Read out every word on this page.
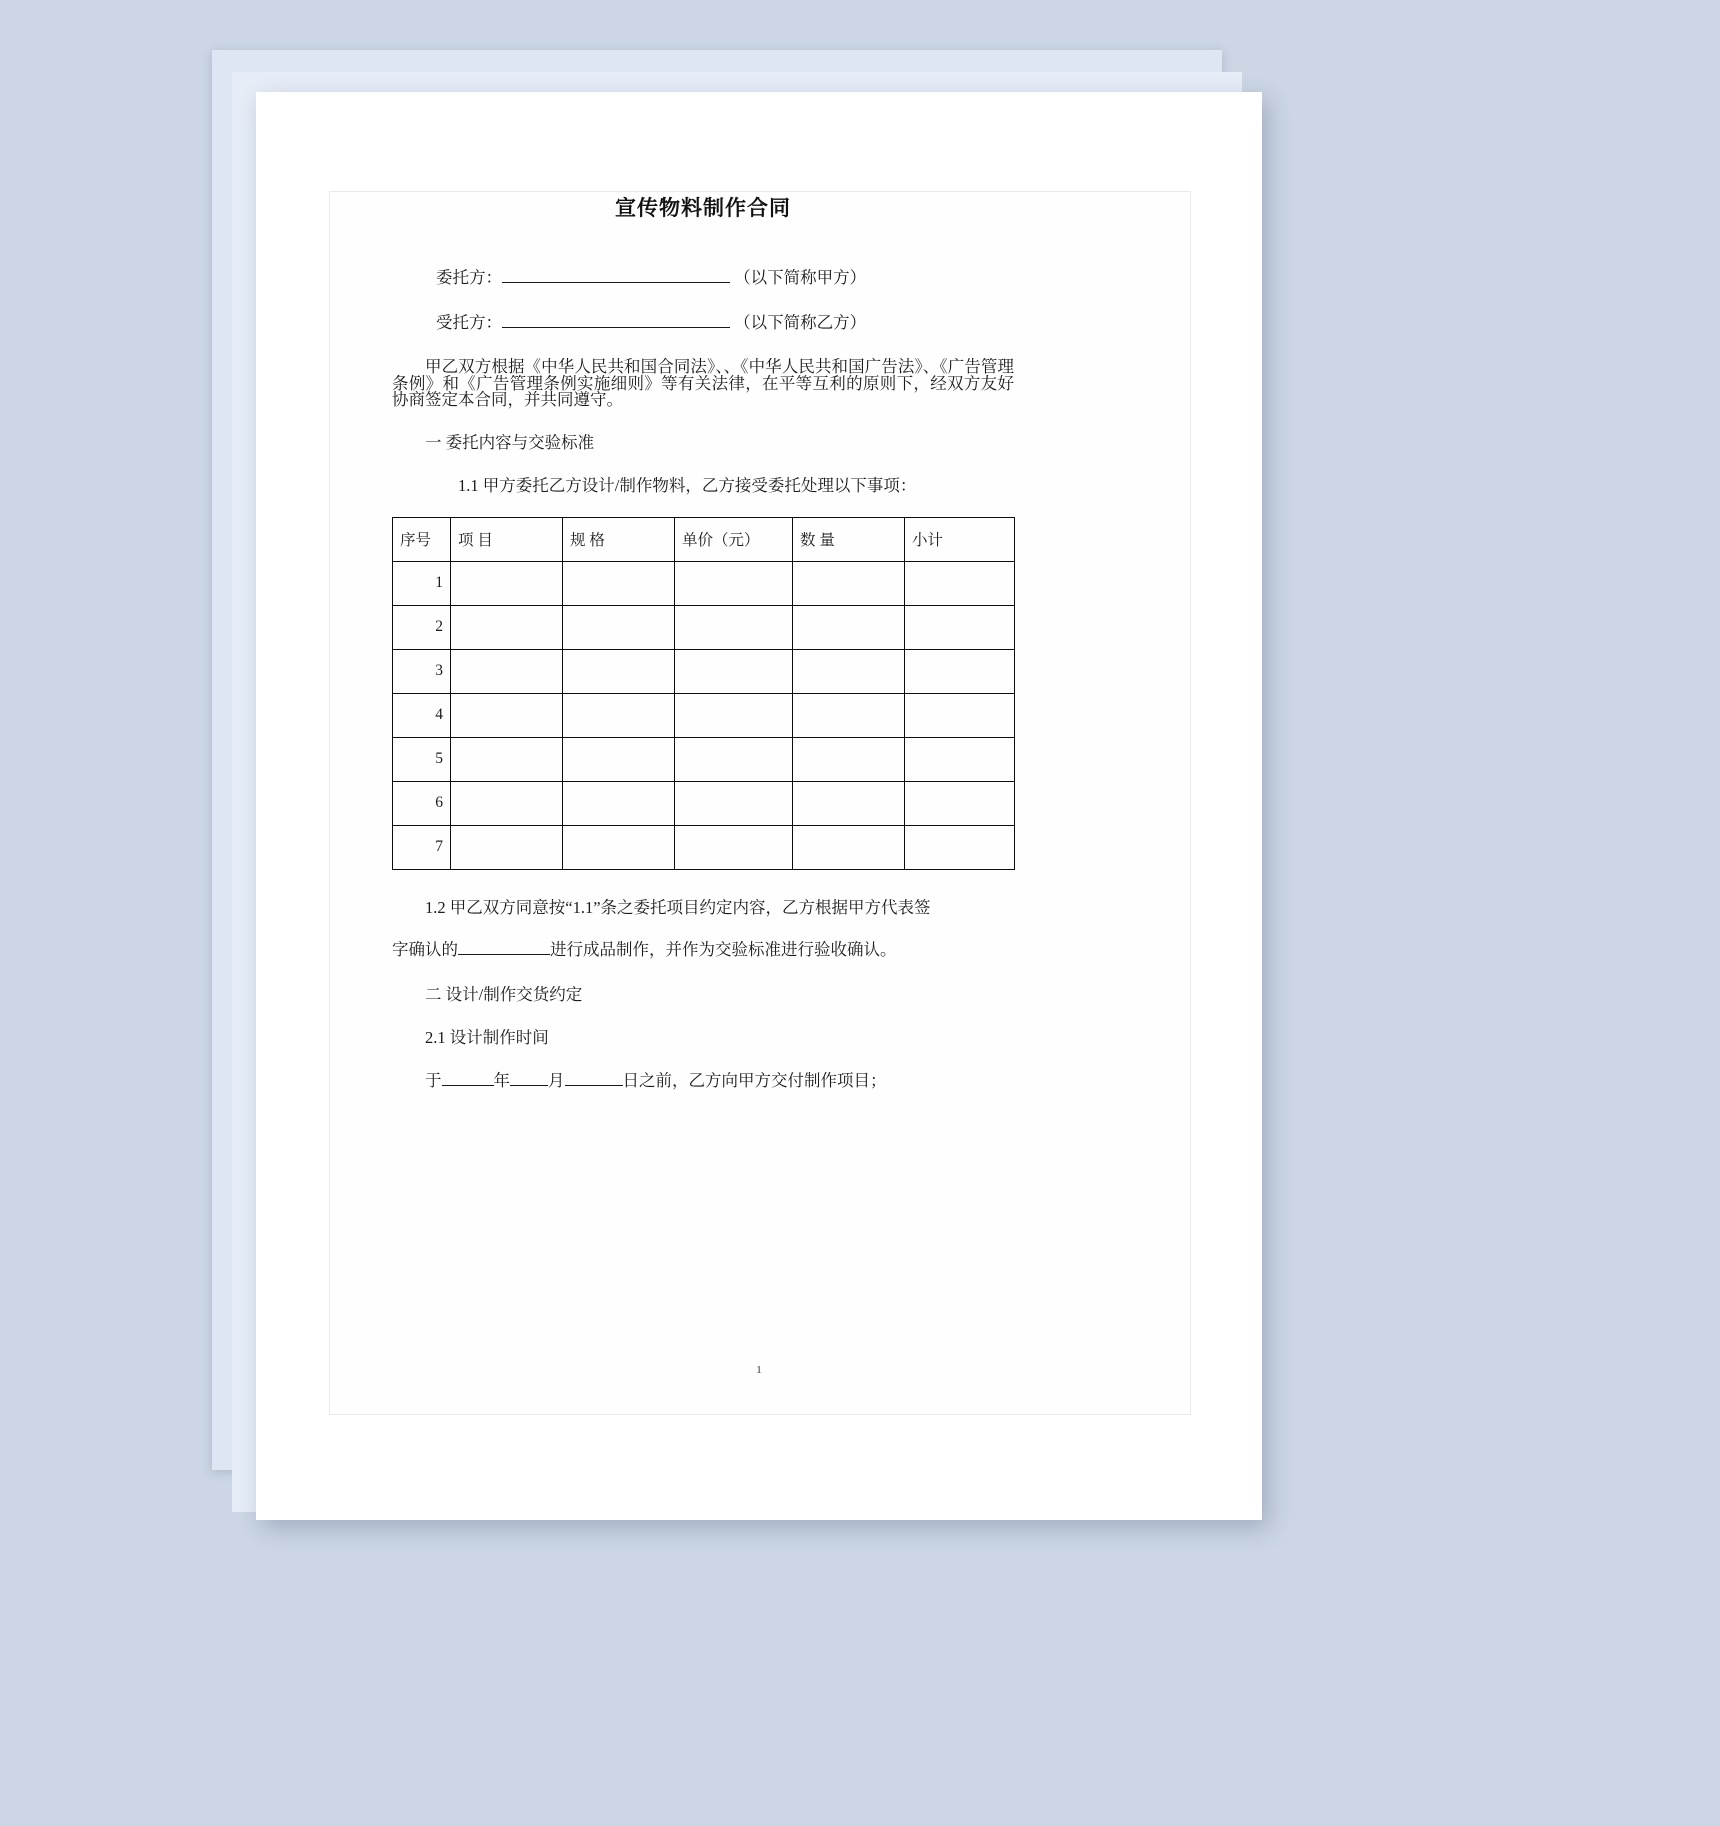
宣传物料制作合同
委托方：	（以下简称甲方）
受托方：	（以下简称乙方）

甲乙双方根据《中华人民共和国合同法》、、《中华人民共和国广告法》、《广告管理条例》和《广告管理条例实施细则》等有关法律，在平等互利的原则下，经双方友好协商签定本合同，并共同遵守。

一 委托内容与交验标准
1.1 甲方委托乙方设计/制作物料，乙方接受委托处理以下事项：
序号	项 目	规 格	单价（元）	数 量	小计
1					
2					
3					
4					
5					
6					
7					
1.2 甲乙双方同意按“1.1”条之委托项目约定内容，乙方根据甲方代表签
字确认的	进行成品制作，并作为交验标准进行验收确认。
二 设计/制作交货约定
2.1 设计制作时间
于	年 月	日之前，乙方向甲方交付制作项目；
1
